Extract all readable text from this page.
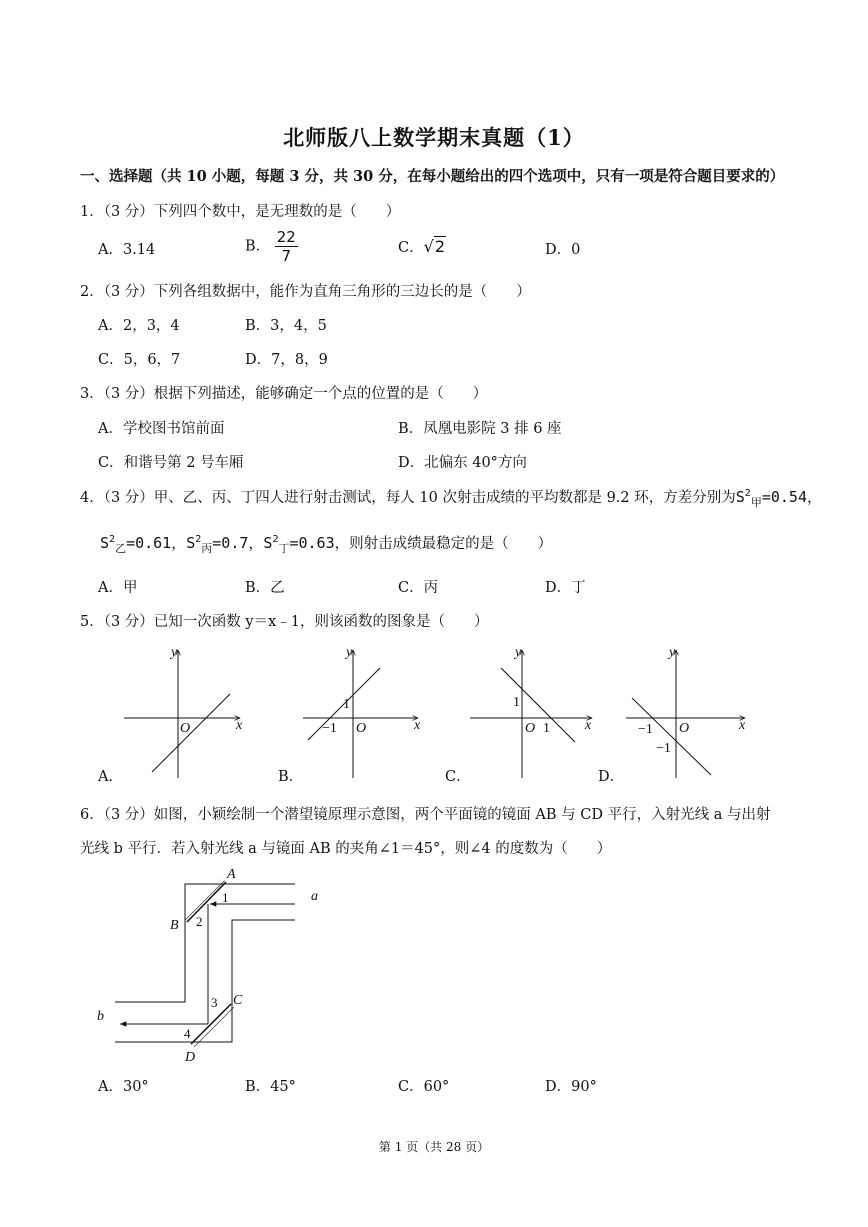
北师版八上数学期末真题（1）
一、选择题（共 10 小题，每题 3 分，共 30 分，在每小题给出的四个选项中，只有一项是符合题目要求的）
1．（3 分）下列四个数中，是无理数的是（　　）
A．3.14	B． $\frac{22}{7}$	C．√2	D．0
2．（3 分）下列各组数据中，能作为直角三角形的三边长的是（　　）
A．2，3，4	B．3，4，5
C．5，6，7	D．7，8，9
3．（3 分）根据下列描述，能够确定一个点的位置的是（　　）
A．学校图书馆前面	B．凤凰电影院 3 排 6 座
C．和谐号第 2 号车厢	D．北偏东 40°方向
4．（3 分）甲、乙、丙、丁四人进行射击测试，每人 10 次射击成绩的平均数都是 9.2 环，方差分别为$S^2_甲=0.54$，
$S^2_乙=0.61$，$S^2_丙=0.7$，$S^2_丁=0.63$，则射击成绩最稳定的是（　　）
A．甲	B．乙	C．丙	D．丁
5．（3 分）已知一次函数 y＝x﹣1，则该函数的图象是（　　）
x
y
O	x
y
O	x
y
O	x
y
O
1
−1
1
1	−1
−1
A．	B．	C．	D．
6．（3 分）如图，小颖绘制一个潜望镜原理示意图，两个平面镜的镜面 AB 与 CD 平行，入射光线 a 与出射
光线 b 平行．若入射光线 a 与镜面 AB 的夹角∠1＝45°，则∠4 的度数为（　　）
A
B
C
D
a
b
1
2
3
4
A．30°	B．45°	C．60°	D．90°
第 1 页（共 28 页）
